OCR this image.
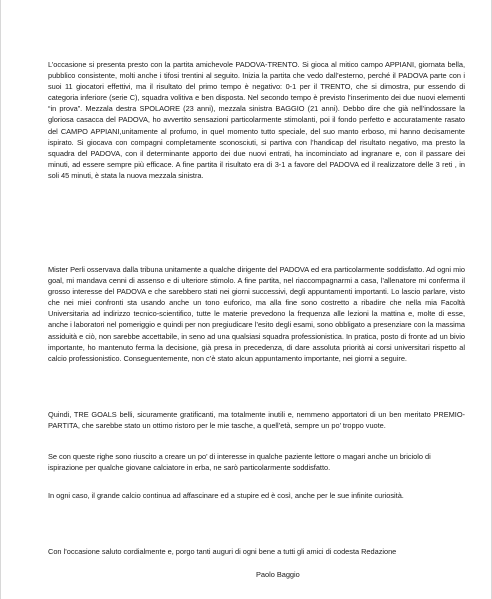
L’occasione si presenta presto con la partita amichevole PADOVA-TRENTO. Si gioca al mitico campo APPIANI, giornata bella, pubblico consistente, molti anche i tifosi trentini al seguito. Inizia la partita che vedo dall’esterno, perché il PADOVA parte con i suoi 11 giocatori effettivi, ma il risultato del primo tempo è negativo: 0-1 per il TRENTO, che si dimostra, pur essendo di categoria inferiore (serie C), squadra volitiva e ben disposta. Nel secondo tempo è previsto l’inserimento dei due nuovi elementi “in prova”. Mezzala destra SPOLAORE (23 anni), mezzala sinistra BAGGIO (21 anni). Debbo dire che già nell’indossare la gloriosa casacca del PADOVA, ho avvertito sensazioni particolarmente stimolanti, poi il fondo perfetto e accuratamente rasato del CAMPO APPIANI,unitamente al profumo, in quel momento tutto speciale, del suo manto erboso, mi hanno decisamente ispirato. Si giocava con compagni completamente sconosciuti, si partiva con l’handicap del risultato negativo, ma presto la squadra del PADOVA, con il determinante apporto dei due nuovi entrati, ha incominciato ad ingranare e, con il passare dei minuti, ad essere sempre più efficace. A fine partita il risultato era di 3-1 a favore del PADOVA ed il realizzatore delle 3 reti , in soli 45 minuti, è stata la nuova mezzala sinistra.

Mister Perli osservava dalla tribuna unitamente a qualche dirigente del PADOVA ed era particolarmente soddisfatto. Ad ogni mio goal, mi mandava cenni di assenso e di ulteriore stimolo. A fine partita, nel riaccompagnarmi a casa, l’allenatore mi conferma il grosso interesse del PADOVA e che sarebbero stati nei giorni successivi, degli appuntamenti importanti. Lo lascio parlare, visto che nei miei confronti sta usando anche un tono euforico, ma alla fine sono costretto a ribadire che nella mia Facoltà Universitaria ad indirizzo tecnico-scientifico, tutte le materie prevedono la frequenza alle lezioni la mattina e, molte di esse, anche i laboratori nel pomeriggio e quindi per non pregiudicare l’esito degli esami, sono obbligato a presenziare con la massima assiduità e ciò, non sarebbe accettabile, in seno ad una qualsiasi squadra professionistica. In pratica, posto di fronte ad un bivio importante, ho mantenuto ferma la decisione, già presa in precedenza, di dare assoluta priorità ai corsi universitari rispetto al calcio professionistico. Conseguentemente, non c’è stato alcun appuntamento importante, nei giorni a seguire.

Quindi, TRE GOALS belli, sicuramente gratificanti, ma totalmente inutili e, nemmeno apportatori di un ben meritato PREMIO-PARTITA, che sarebbe stato un ottimo ristoro per le mie tasche, a quell’età, sempre un po’ troppo vuote.

Se con queste righe sono riuscito a creare un po’ di interesse in qualche paziente lettore o magari anche un briciolo di ispirazione per qualche giovane calciatore in erba, ne sarò particolarmente soddisfatto.

In ogni caso, il grande calcio continua ad affascinare ed a stupire ed è così, anche per le sue infinite curiosità.

Con l’occasione saluto cordialmente e, porgo tanti auguri di ogni bene a tutti gli amici di codesta Redazione

Paolo Baggio
